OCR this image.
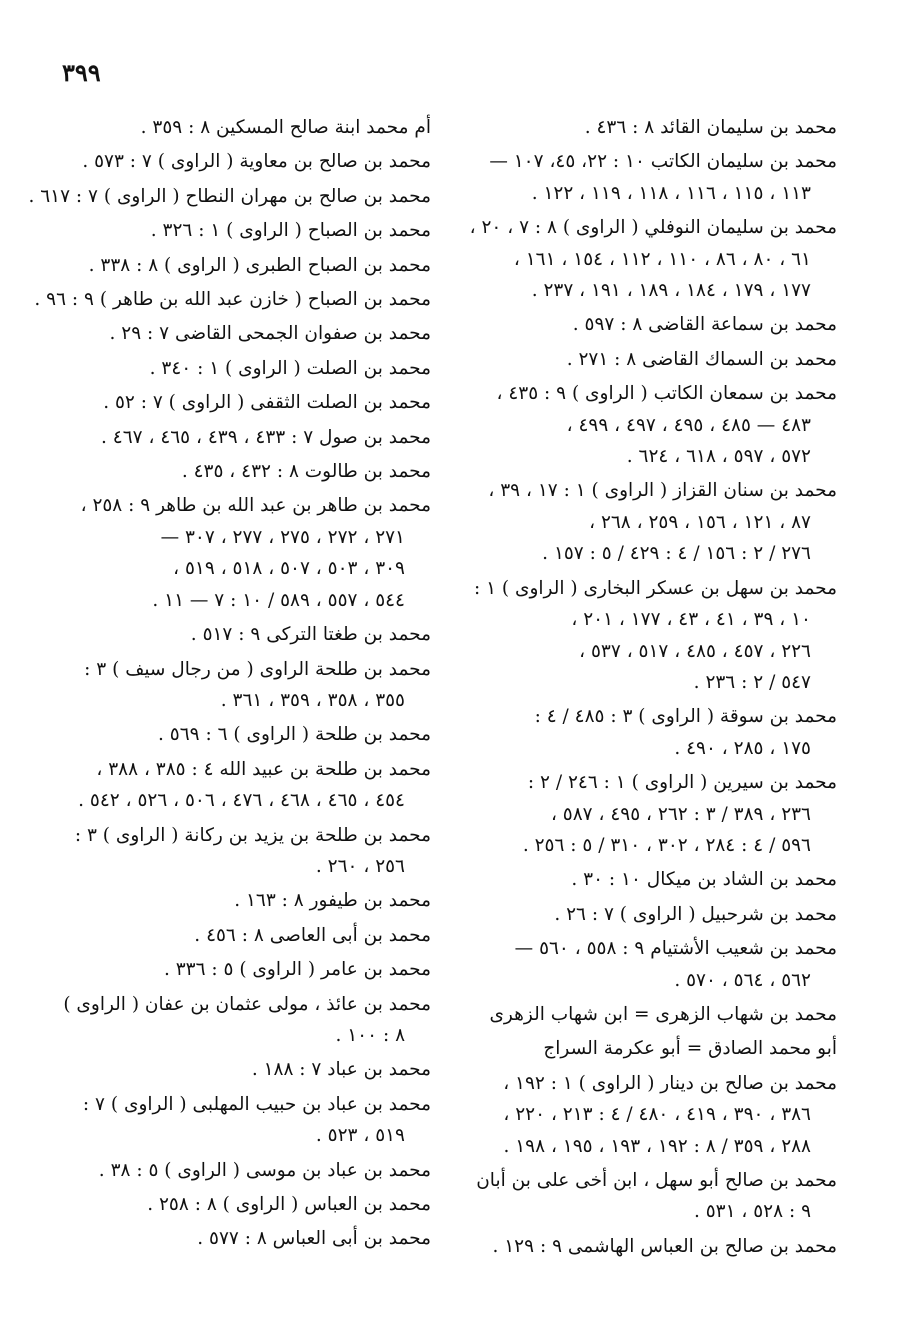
٣٩٩
محمد بن سليمان القائد ٨ : ٤٣٦ .
محمد بن سليمان الكاتب ١٠ : ٢٢، ٤٥، ١٠٧ —
١١٣ ، ١١٥ ، ١١٦ ، ١١٨ ، ١١٩ ، ١٢٢ .
محمد بن سليمان النوفلي ( الراوى ) ٨ : ٧ ، ٢٠ ،
٦١ ، ٨٠ ، ٨٦ ، ١١٠ ، ١١٢ ، ١٥٤ ، ١٦١ ،
١٧٧ ، ١٧٩ ، ١٨٤ ، ١٨٩ ، ١٩١ ، ٢٣٧ .
محمد بن سماعة القاضى ٨ : ٥٩٧ .
محمد بن السماك القاضى ٨ : ٢٧١ .
محمد بن سمعان الكاتب ( الراوى ) ٩ : ٤٣٥ ،
٤٨٣ — ٤٨٥ ، ٤٩٥ ، ٤٩٧ ، ٤٩٩ ،
٥٧٢ ، ٥٩٧ ، ٦١٨ ، ٦٢٤ .
محمد بن سنان القزاز ( الراوى ) ١ : ١٧ ، ٣٩ ،
٨٧ ، ١٢١ ، ١٥٦ ، ٢٥٩ ، ٢٦٨ ،
٢٧٦ / ٢ : ١٥٦ / ٤ : ٤٢٩ / ٥ : ١٥٧ .
محمد بن سهل بن عسكر البخارى ( الراوى ) ١ :
١٠ ، ٣٩ ، ٤١ ، ٤٣ ، ١٧٧ ، ٢٠١ ،
٢٢٦ ، ٤٥٧ ، ٤٨٥ ، ٥١٧ ، ٥٣٧ ،
٥٤٧ / ٢ : ٢٣٦ .
محمد بن سوقة ( الراوى ) ٣ : ٤٨٥ / ٤ :
١٧٥ ، ٢٨٥ ، ٤٩٠ .
محمد بن سيرين ( الراوى ) ١ : ٢٤٦ / ٢ :
٢٣٦ ، ٣٨٩ / ٣ : ٢٦٢ ، ٤٩٥ ، ٥٨٧ ،
٥٩٦ / ٤ : ٢٨٤ ، ٣٠٢ ، ٣١٠ / ٥ : ٢٥٦ .
محمد بن الشاد بن ميكال ١٠ : ٣٠ .
محمد بن شرحبيل ( الراوى ) ٧ : ٢٦ .
محمد بن شعيب الأشتيام ٩ : ٥٥٨ ، ٥٦٠ —
٥٦٢ ، ٥٦٤ ، ٥٧٠ .
محمد بن شهاب الزهرى = ابن شهاب الزهرى
أبو محمد الصادق = أبو عكرمة السراج
محمد بن صالح بن دينار ( الراوى ) ١ : ١٩٢ ،
٣٨٦ ، ٣٩٠ ، ٤١٩ ، ٤٨٠ / ٤ : ٢١٣ ، ٢٢٠ ،
٢٨٨ ، ٣٥٩ / ٨ : ١٩٢ ، ١٩٣ ، ١٩٥ ، ١٩٨ .
محمد بن صالح أبو سهل ، ابن أخى على بن أبان
٩ : ٥٢٨ ، ٥٣١ .
محمد بن صالح بن العباس الهاشمى ٩ : ١٢٩ .
أم محمد ابنة صالح المسكين ٨ : ٣٥٩ .
محمد بن صالح بن معاوية ( الراوى ) ٧ : ٥٧٣ .
محمد بن صالح بن مهران النطاح ( الراوى ) ٧ : ٦١٧ .
محمد بن الصباح ( الراوى ) ١ : ٣٢٦ .
محمد بن الصباح الطبرى ( الراوى ) ٨ : ٣٣٨ .
محمد بن الصباح ( خازن عبد الله بن طاهر ) ٩ : ٩٦ .
محمد بن صفوان الجمحى القاضى ٧ : ٢٩ .
محمد بن الصلت ( الراوى ) ١ : ٣٤٠ .
محمد بن الصلت الثقفى ( الراوى ) ٧ : ٥٢ .
محمد بن صول ٧ : ٤٣٣ ، ٤٣٩ ، ٤٦٥ ، ٤٦٧ .
محمد بن طالوت ٨ : ٤٣٢ ، ٤٣٥ .
محمد بن طاهر بن عبد الله بن طاهر ٩ : ٢٥٨ ،
٢٧١ ، ٢٧٢ ، ٢٧٥ ، ٢٧٧ ، ٣٠٧ —
٣٠٩ ، ٥٠٣ ، ٥٠٧ ، ٥١٨ ، ٥١٩ ،
٥٤٤ ، ٥٥٧ ، ٥٨٩ / ١٠ : ٧ — ١١ .
محمد بن طغتا التركى ٩ : ٥١٧ .
محمد بن طلحة الراوى ( من رجال سيف ) ٣ :
٣٥٥ ، ٣٥٨ ، ٣٥٩ ، ٣٦١ .
محمد بن طلحة ( الراوى ) ٦ : ٥٦٩ .
محمد بن طلحة بن عبيد الله ٤ : ٣٨٥ ، ٣٨٨ ،
٤٥٤ ، ٤٦٥ ، ٤٦٨ ، ٤٧٦ ، ٥٠٦ ، ٥٢٦ ، ٥٤٢ .
محمد بن طلحة بن يزيد بن ركانة ( الراوى ) ٣ :
٢٥٦ ، ٢٦٠ .
محمد بن طيفور ٨ : ١٦٣ .
محمد بن أبى العاصى ٨ : ٤٥٦ .
محمد بن عامر ( الراوى ) ٥ : ٣٣٦ .
محمد بن عائذ ، مولى عثمان بن عفان ( الراوى )
٨ : ١٠٠ .
محمد بن عباد ٧ : ١٨٨ .
محمد بن عباد بن حبيب المهلبى ( الراوى ) ٧ :
٥١٩ ، ٥٢٣ .
محمد بن عباد بن موسى ( الراوى ) ٥ : ٣٨ .
محمد بن العباس ( الراوى ) ٨ : ٢٥٨ .
محمد بن أبى العباس ٨ : ٥٧٧ .
